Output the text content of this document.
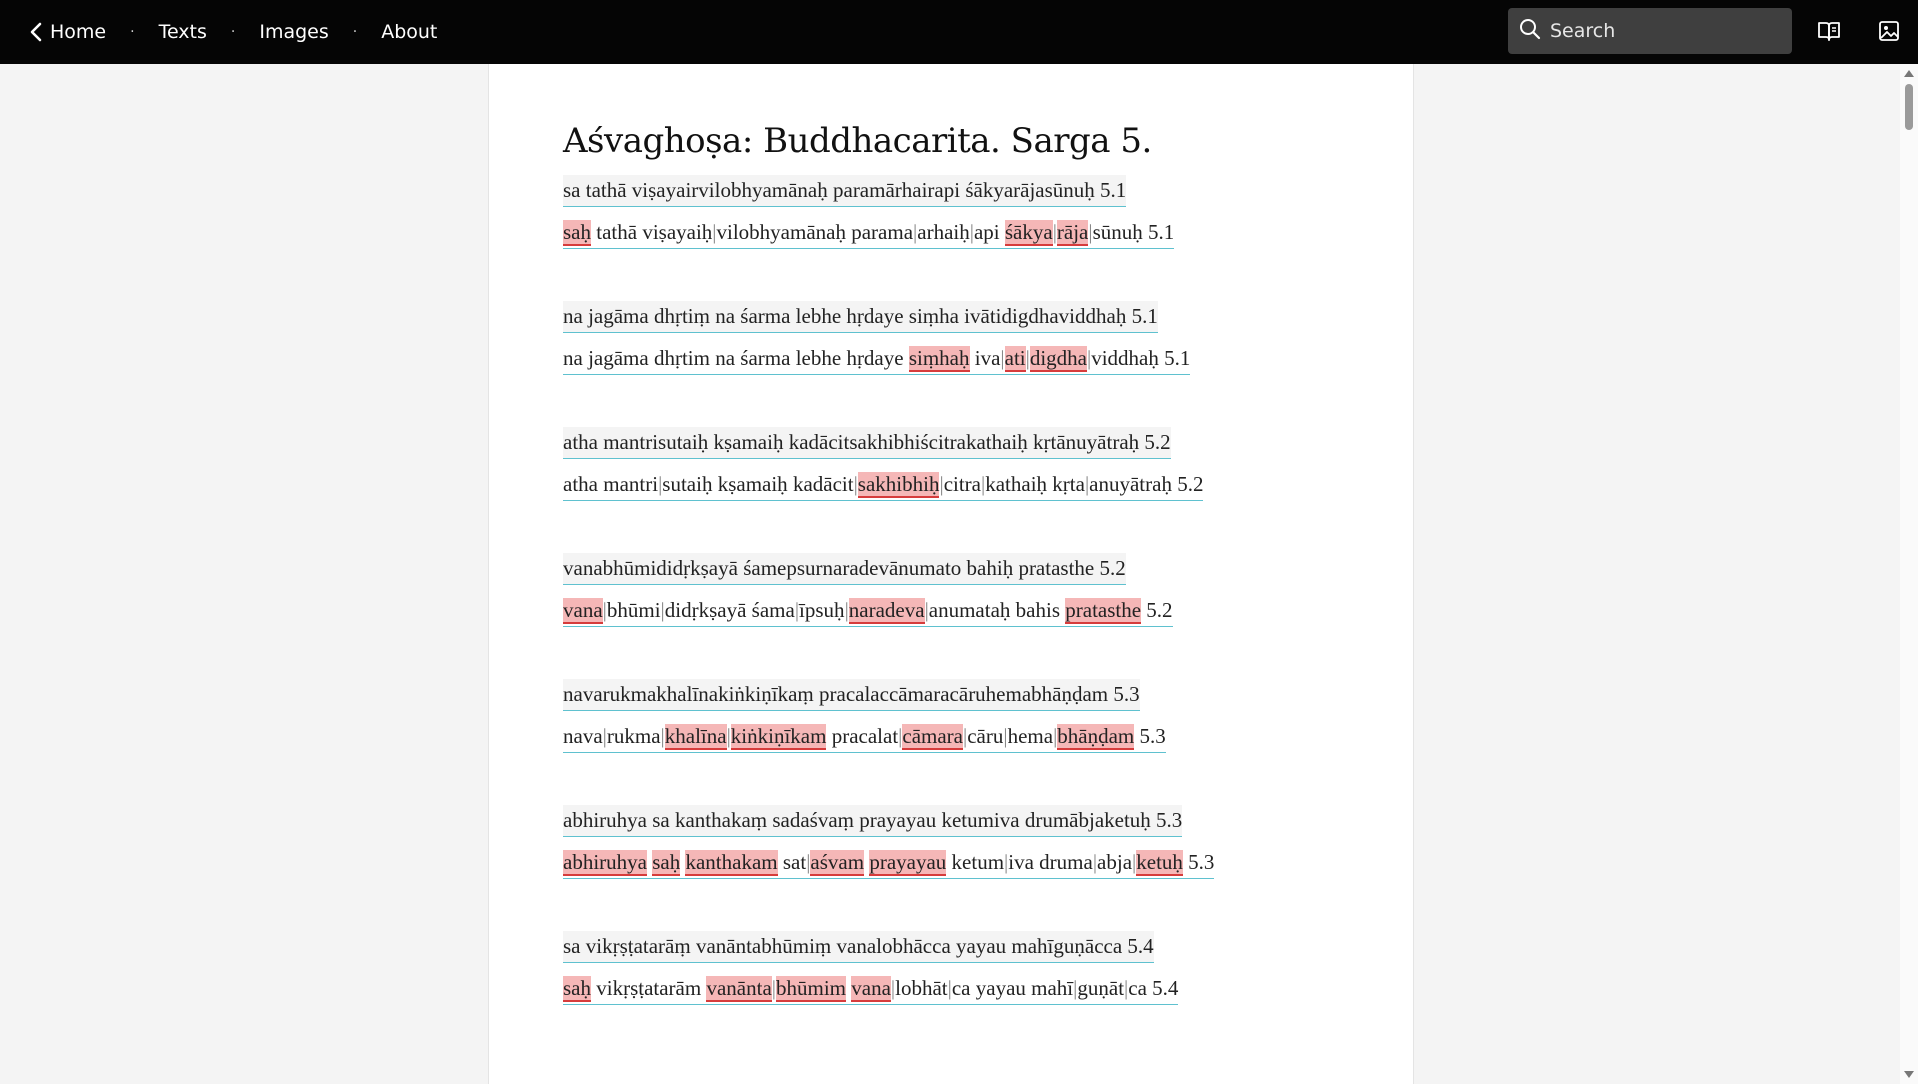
Home · Texts · Images · About
Search
Aśvaghoṣa: Buddhacarita. Sarga 5.
sa tathā viṣayairvilobhyamānaḥ paramārhairapi śākyarājasūnuḥ 5.1
saḥ tathā viṣayaiḥ|vilobhyamānaḥ parama|arhaiḥ|api śākya|rāja|sūnuḥ 5.1
na jagāma dhṛtiṃ na śarma lebhe hṛdaye siṃha ivātidigdhaviddhaḥ 5.1
na jagāma dhṛtim na śarma lebhe hṛdaye siṃhaḥ iva|ati|digdha|viddhaḥ 5.1
atha mantrisutaiḥ kṣamaiḥ kadācitsakhibhiścitrakathaiḥ kṛtānuyātraḥ 5.2
atha mantri|sutaiḥ kṣamaiḥ kadācit|sakhibhiḥ|citra|kathaiḥ kṛta|anuyātraḥ 5.2
vanabhūmididṛkṣayā śamepsurnaradevānumato bahiḥ pratasthe 5.2
vana|bhūmi|didṛkṣayā śama|īpsuḥ|naradeva|anumataḥ bahis pratasthe 5.2
navarukmakhalīnakiṅkiṇīkaṃ pracalaccāmaracāruhemabhāṇḍam 5.3
nava|rukma|khalīna|kiṅkiṇīkam pracalat|cāmara|cāru|hema|bhāṇḍam 5.3
abhiruhya sa kanthakaṃ sadaśvaṃ prayayau ketumiva drumābjaketuḥ 5.3
abhiruhya saḥ kanthakam sat|aśvam prayayau ketum|iva druma|abja|ketuḥ 5.3
sa vikṛṣṭatarāṃ vanāntabhūmiṃ vanalobhācca yayau mahīguṇācca 5.4
saḥ vikṛṣṭatarām vanānta|bhūmim vana|lobhāt|ca yayau mahī|guṇāt|ca 5.4
